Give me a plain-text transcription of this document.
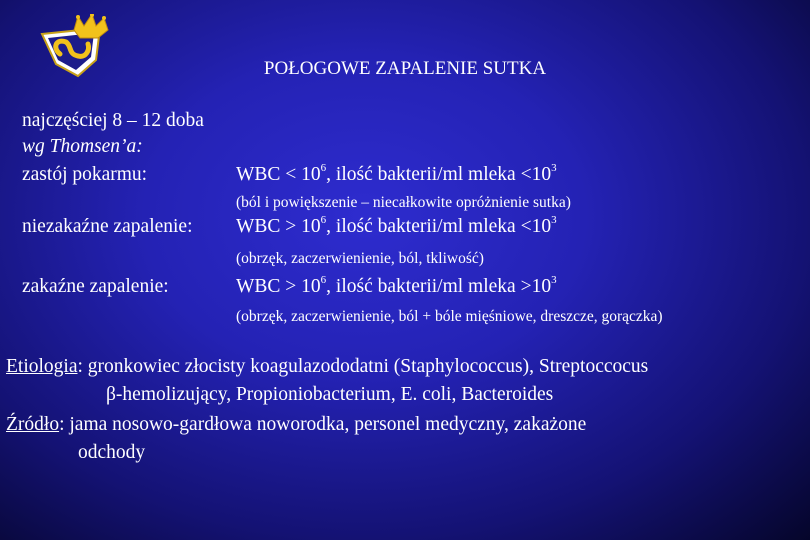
POŁOGOWE ZAPALENIE SUTKA
najczęściej 8 – 12 doba
wg Thomsen’a:
zastój pokarmu:	WBC < $10^6$, ilość bakterii/ml mleka $<10^3$
(ból i powiększenie – niecałkowite opróżnienie sutka)
niezakaźne zapalenie: WBC > $10^6$, ilość bakterii/ml mleka $<10^3$
(obrzęk, zaczerwienienie, ból, tkliwość)
zakaźne zapalenie:	WBC > $10^6$, ilość bakterii/ml mleka $>10^3$
(obrzęk, zaczerwienienie, ból + bóle mięśniowe, dreszcze, gorączka)
Etiologia: gronkowiec złocisty koagulazododatni (Staphylococcus), Streptoccocus
β-hemolizujący, Propioniobacterium, E. coli, Bacteroides
Źródło: jama nosowo-gardłowa noworodka, personel medyczny, zakażone
odchody
